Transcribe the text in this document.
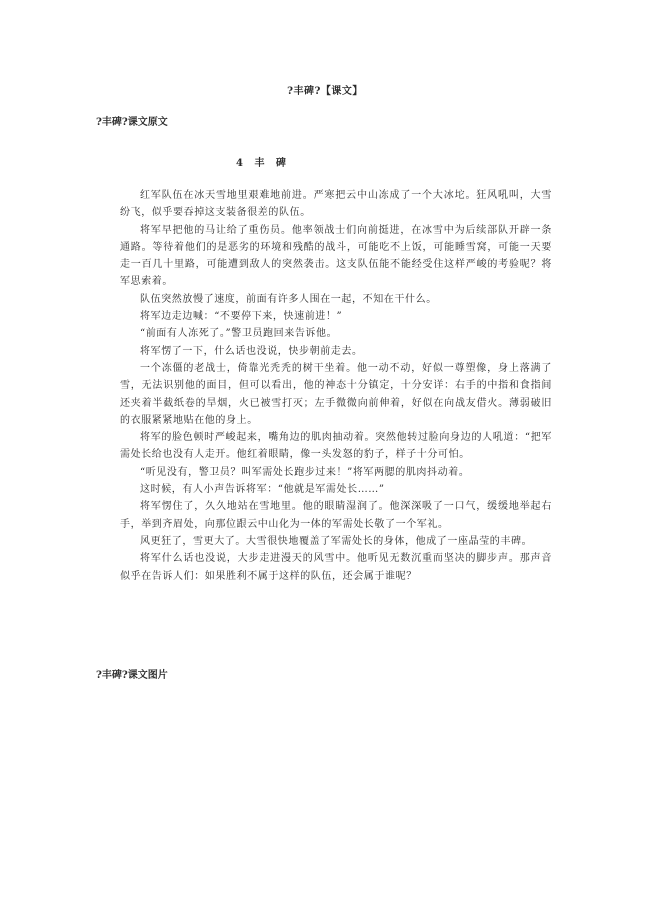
?丰碑?【课文】
?丰碑?课文原文
4 丰 碑

红军队伍在冰天雪地里艰难地前进。严寒把云中山冻成了一个大冰坨。狂风吼叫，大雪纷飞，似乎要吞掉这支装备很差的队伍。

将军早把他的马让给了重伤员。他率领战士们向前挺进，在冰雪中为后续部队开辟一条通路。等待着他们的是恶劣的环境和残酷的战斗，可能吃不上饭，可能睡雪窝，可能一天要走一百几十里路，可能遭到敌人的突然袭击。这支队伍能不能经受住这样严峻的考验呢？将军思索着。

队伍突然放慢了速度，前面有许多人围在一起，不知在干什么。

将军边走边喊：“不要停下来，快速前进！”

“前面有人冻死了。”警卫员跑回来告诉他。

将军愣了一下，什么话也没说，快步朝前走去。

一个冻僵的老战士，倚靠光秃秃的树干坐着。他一动不动，好似一尊塑像，身上落满了雪，无法识别他的面目，但可以看出，他的神态十分镇定，十分安详：右手的中指和食指间还夹着半截纸卷的旱烟，火已被雪打灭；左手微微向前伸着，好似在向战友借火。薄弱破旧的衣服紧紧地贴在他的身上。

将军的脸色顿时严峻起来，嘴角边的肌肉抽动着。突然他转过脸向身边的人吼道：“把军需处长给也没有人走开。他红着眼睛，像一头发怒的豹子，样子十分可怕。

“听见没有，警卫员？叫军需处长跑步过来！”将军两腮的肌肉抖动着。

这时候，有人小声告诉将军：“他就是军需处长……”

将军愣住了，久久地站在雪地里。他的眼睛湿润了。他深深吸了一口气，缓缓地举起右手，举到齐眉处，向那位跟云中山化为一体的军需处长敬了一个军礼。

风更狂了，雪更大了。大雪很快地覆盖了军需处长的身体，他成了一座晶莹的丰碑。

将军什么话也没说，大步走进漫天的风雪中。他听见无数沉重而坚决的脚步声。那声音似乎在告诉人们：如果胜利不属于这样的队伍，还会属于谁呢？

?丰碑?课文图片
